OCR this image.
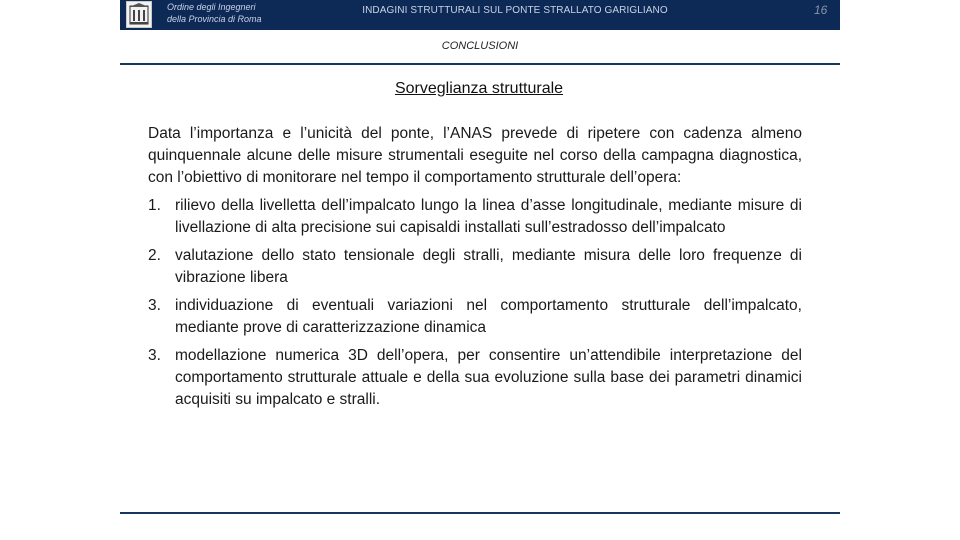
Ordine degli Ingegneri
della Provincia di Roma
INDAGINI STRUTTURALI SUL PONTE STRALLATO GARIGLIANO	16
CONCLUSIONI
Sorveglianza strutturale

Data l’importanza e l’unicità del ponte, l’ANAS prevede di ripetere con cadenza almeno quinquennale alcune delle misure strumentali eseguite nel corso della campagna diagnostica, con l’obiettivo di monitorare nel tempo il comportamento strutturale dell’opera:

1. rilievo della livelletta dell’impalcato lungo la linea d’asse longitudinale, mediante misure di livellazione di alta precisione sui capisaldi installati sull’estradosso dell’impalcato
2. valutazione dello stato tensionale degli stralli, mediante misura delle loro frequenze di vibrazione libera
3. individuazione di eventuali variazioni nel comportamento strutturale dell’impalcato, mediante prove di caratterizzazione dinamica
3. modellazione numerica 3D dell’opera, per consentire un’attendibile interpretazione del comportamento strutturale attuale e della sua evoluzione sulla base dei parametri dinamici acquisiti su impalcato e stralli.
